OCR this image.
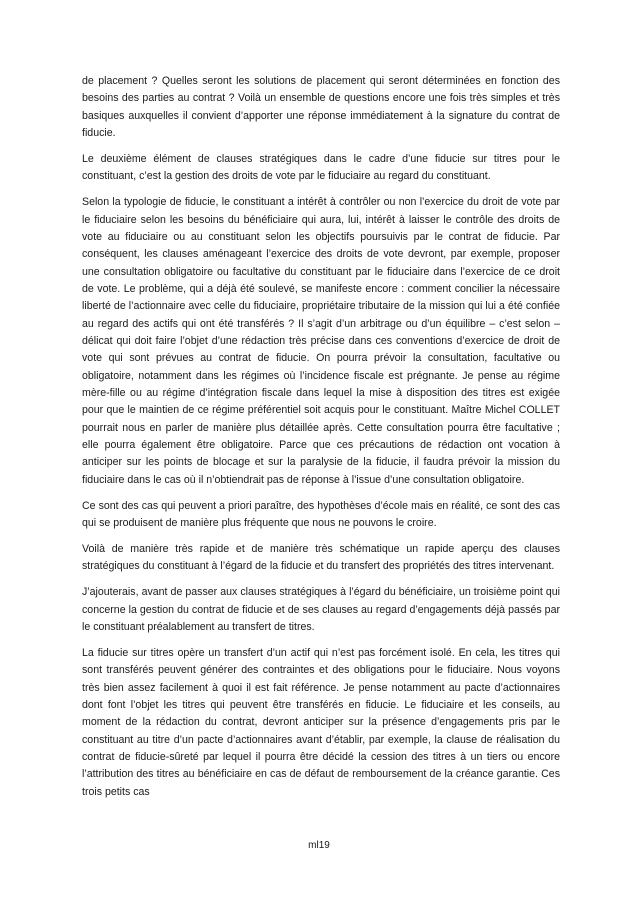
de placement ? Quelles seront les solutions de placement qui seront déterminées en fonction des besoins des parties au contrat ? Voilà un ensemble de questions encore une fois très simples et très basiques auxquelles il convient d’apporter une réponse immédiatement à la signature du contrat de fiducie.

Le deuxième élément de clauses stratégiques dans le cadre d’une fiducie sur titres pour le constituant, c’est la gestion des droits de vote par le fiduciaire au regard du constituant.

Selon la typologie de fiducie, le constituant a intérêt à contrôler ou non l’exercice du droit de vote par le fiduciaire selon les besoins du bénéficiaire qui aura, lui, intérêt à laisser le contrôle des droits de vote au fiduciaire ou au constituant selon les objectifs poursuivis par le contrat de fiducie. Par conséquent, les clauses aménageant l’exercice des droits de vote devront, par exemple, proposer une consultation obligatoire ou facultative du constituant par le fiduciaire dans l’exercice de ce droit de vote. Le problème, qui a déjà été soulevé, se manifeste encore : comment concilier la nécessaire liberté de l’actionnaire avec celle du fiduciaire, propriétaire tributaire de la mission qui lui a été confiée au regard des actifs qui ont été transférés ? Il s’agit d’un arbitrage ou d’un équilibre – c’est selon – délicat qui doit faire l’objet d’une rédaction très précise dans ces conventions d’exercice de droit de vote qui sont prévues au contrat de fiducie. On pourra prévoir la consultation, facultative ou obligatoire, notamment dans les régimes où l’incidence fiscale est prégnante. Je pense au régime mère-fille ou au régime d’intégration fiscale dans lequel la mise à disposition des titres est exigée pour que le maintien de ce régime préférentiel soit acquis pour le constituant. Maître Michel COLLET pourrait nous en parler de manière plus détaillée après. Cette consultation pourra être facultative ; elle pourra également être obligatoire. Parce que ces précautions de rédaction ont vocation à anticiper sur les points de blocage et sur la paralysie de la fiducie, il faudra prévoir la mission du fiduciaire dans le cas où il n’obtiendrait pas de réponse à l’issue d’une consultation obligatoire.

Ce sont des cas qui peuvent a priori paraître, des hypothèses d’école mais en réalité, ce sont des cas qui se produisent de manière plus fréquente que nous ne pouvons le croire.

Voilà de manière très rapide et de manière très schématique un rapide aperçu des clauses stratégiques du constituant à l’égard de la fiducie et du transfert des propriétés des titres intervenant.

J’ajouterais, avant de passer aux clauses stratégiques à l’égard du bénéficiaire, un troisième point qui concerne la gestion du contrat de fiducie et de ses clauses au regard d’engagements déjà passés par le constituant préalablement au transfert de titres.

La fiducie sur titres opère un transfert d’un actif qui n’est pas forcément isolé. En cela, les titres qui sont transférés peuvent générer des contraintes et des obligations pour le fiduciaire. Nous voyons très bien assez facilement à quoi il est fait référence. Je pense notamment au pacte d’actionnaires dont font l’objet les titres qui peuvent être transférés en fiducie. Le fiduciaire et les conseils, au moment de la rédaction du contrat, devront anticiper sur la présence d’engagements pris par le constituant au titre d’un pacte d’actionnaires avant d’établir, par exemple, la clause de réalisation du contrat de fiducie-sûreté par lequel il pourra être décidé la cession des titres à un tiers ou encore l’attribution des titres au bénéficiaire en cas de défaut de remboursement de la créance garantie. Ces trois petits cas

ml19
